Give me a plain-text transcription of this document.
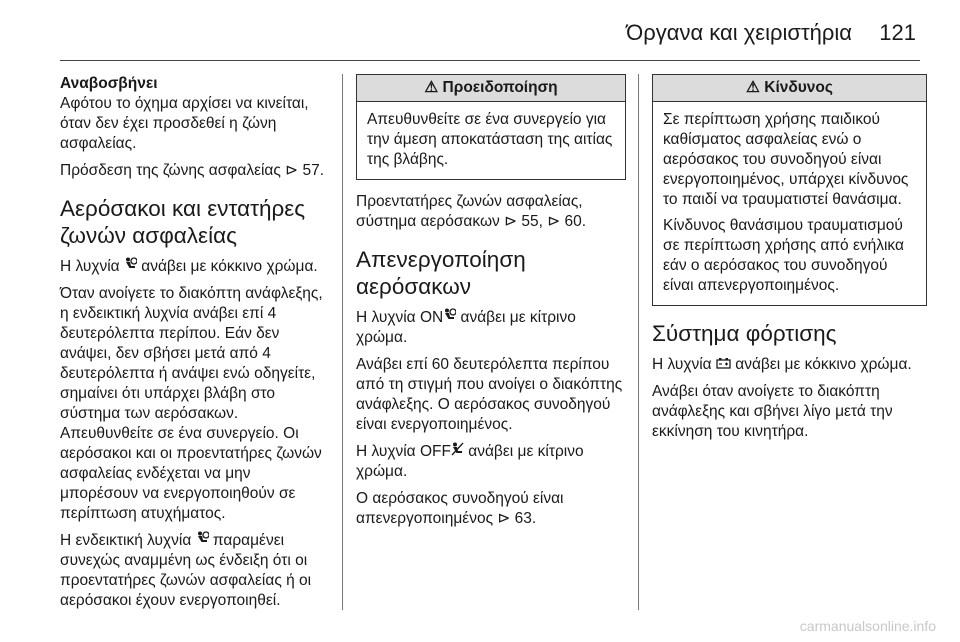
Όργανα και χειριστήρια 121

Αναβοσβήνει

Αφότου το όχημα αρχίσει να κινείται, όταν δεν έχει προσδεθεί η ζώνη ασφαλείας.

Πρόσδεση της ζώνης ασφαλείας ⊳ 57.

Αερόσακοι και εντατήρες ζωνών ασφαλείας

Η λυχνία  ανάβει με κόκκινο χρώμα.

Όταν ανοίγετε το διακόπτη ανάφλεξης, η ενδεικτική λυχνία ανάβει επί 4 δευτερόλεπτα περίπου. Εάν δεν ανάψει, δεν σβήσει μετά από 4 δευτερόλεπτα ή ανάψει ενώ οδηγείτε, σημαίνει ότι υπάρχει βλάβη στο σύστημα των αερόσακων. Απευθυνθείτε σε ένα συνεργείο. Οι αερόσακοι και οι προεντατήρες ζωνών ασφαλείας ενδέχεται να μην μπορέσουν να ενεργοποιηθούν σε περίπτωση ατυχήματος.

Η ενδεικτική λυχνία  παραμένει συνεχώς αναμμένη ως ένδειξη ότι οι προεντατήρες ζωνών ασφαλείας ή οι αερόσακοι έχουν ενεργοποιηθεί.

⚠ Προειδοποίηση

Απευθυνθείτε σε ένα συνεργείο για την άμεση αποκατάσταση της αιτίας της βλάβης.

Προεντατήρες ζωνών ασφαλείας, σύστημα αερόσακων ⊳ 55, ⊳ 60.

Απενεργοποίηση αερόσακων

Η λυχνία ON ανάβει με κίτρινο χρώμα.

Ανάβει επί 60 δευτερόλεπτα περίπου από τη στιγμή που ανοίγει ο διακόπτης ανάφλεξης. Ο αερόσακος συνοδηγού είναι ενεργοποιημένος.

Η λυχνία OFF ανάβει με κίτρινο χρώμα.

Ο αερόσακος συνοδηγού είναι απενεργοποιημένος ⊳ 63.

⚠ Κίνδυνος

Σε περίπτωση χρήσης παιδικού καθίσματος ασφαλείας ενώ ο αερόσακος του συνοδηγού είναι ενεργοποιημένος, υπάρχει κίνδυνος το παιδί να τραυματιστεί θανάσιμα.

Κίνδυνος θανάσιμου τραυματισμού σε περίπτωση χρήσης από ενήλικα εάν ο αερόσακος του συνοδηγού είναι απενεργοποιημένος.

Σύστημα φόρτισης

Η λυχνία  ανάβει με κόκκινο χρώμα.

Ανάβει όταν ανοίγετε το διακόπτη ανάφλεξης και σβήνει λίγο μετά την εκκίνηση του κινητήρα.

carmanualsonline.info
